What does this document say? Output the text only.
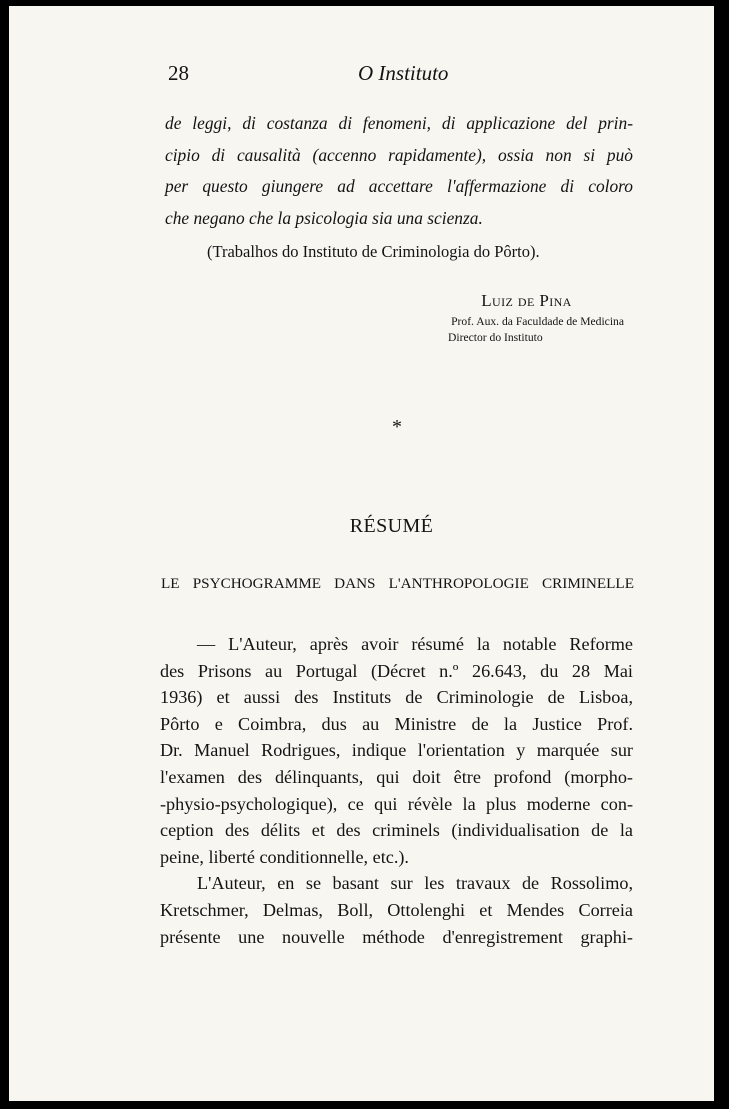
28	O Instituto
de leggi, di costanza di fenomeni, di applicazione del prin-
cipio di causalità (accenno rapidamente), ossia non si può
per questo giungere ad accettare l'affermazione di coloro
che negano che la psicologia sia una scienza.
(Trabalhos do Instituto de Criminologia do Pôrto).
Luiz de Pina
Prof. Aux. da Faculdade de Medicina
Director do Instituto
*
RÉSUMÉ
LE PSYCHOGRAMME DANS L'ANTHROPOLOGIE CRIMINELLE
— L'Auteur, après avoir résumé la notable Reforme
des Prisons au Portugal (Décret n.º 26.643, du 28 Mai
1936) et aussi des Instituts de Criminologie de Lisboa,
Pôrto e Coimbra, dus au Ministre de la Justice Prof.
Dr. Manuel Rodrigues, indique l'orientation y marquée sur
l'examen des délinquants, qui doit être profond (morpho-
-physio-psychologique), ce qui révèle la plus moderne con-
ception des délits et des criminels (individualisation de la
peine, liberté conditionnelle, etc.).
L'Auteur, en se basant sur les travaux de Rossolimo,
Kretschmer, Delmas, Boll, Ottolenghi et Mendes Correia
présente une nouvelle méthode d'enregistrement graphi-
